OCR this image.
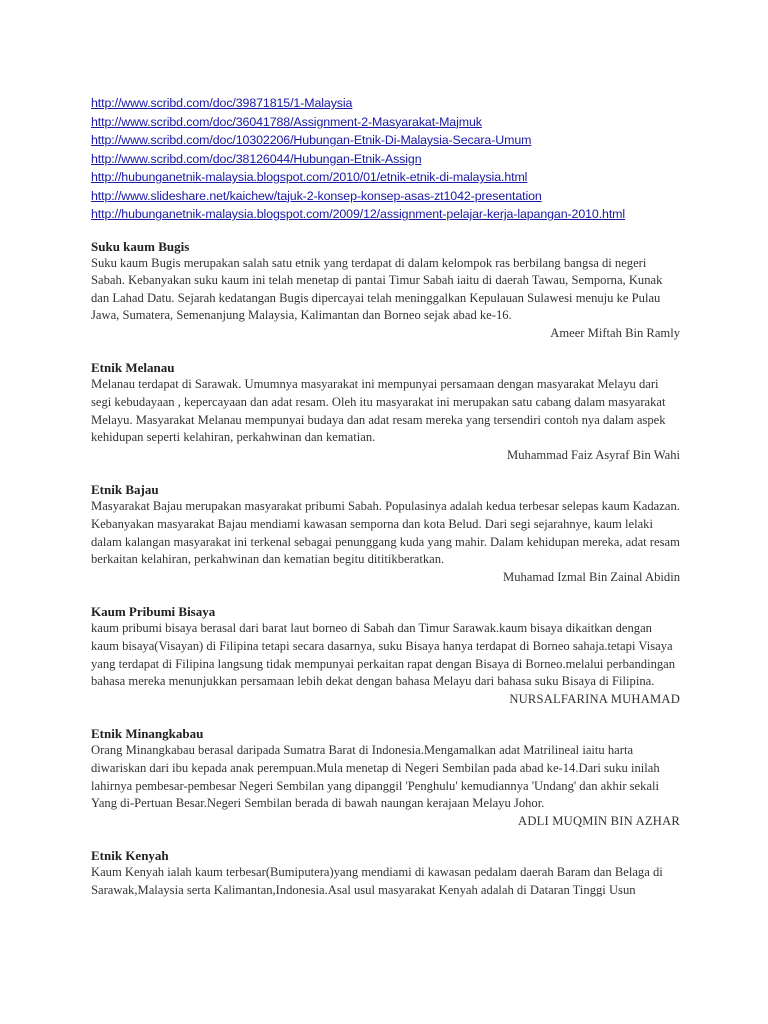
http://www.scribd.com/doc/39871815/1-Malaysia
http://www.scribd.com/doc/36041788/Assignment-2-Masyarakat-Majmuk
http://www.scribd.com/doc/10302206/Hubungan-Etnik-Di-Malaysia-Secara-Umum
http://www.scribd.com/doc/38126044/Hubungan-Etnik-Assign
http://hubunganetnik-malaysia.blogspot.com/2010/01/etnik-etnik-di-malaysia.html
http://www.slideshare.net/kaichew/tajuk-2-konsep-konsep-asas-zt1042-presentation
http://hubunganetnik-malaysia.blogspot.com/2009/12/assignment-pelajar-kerja-lapangan-2010.html
Suku kaum Bugis

Suku kaum Bugis merupakan salah satu etnik yang terdapat di dalam kelompok ras berbilang bangsa di negeri Sabah. Kebanyakan suku kaum ini telah menetap di pantai Timur Sabah iaitu di daerah Tawau, Semporna, Kunak dan Lahad Datu. Sejarah kedatangan Bugis dipercayai telah meninggalkan Kepulauan Sulawesi menuju ke Pulau Jawa, Sumatera, Semenanjung Malaysia, Kalimantan dan Borneo sejak abad ke-16.

Ameer Miftah Bin Ramly
Etnik Melanau

Melanau terdapat di Sarawak. Umumnya masyarakat ini mempunyai persamaan dengan masyarakat Melayu dari segi kebudayaan , kepercayaan dan adat resam. Oleh itu masyarakat ini merupakan satu cabang dalam masyarakat Melayu. Masyarakat Melanau mempunyai budaya dan adat resam mereka yang tersendiri contoh nya dalam aspek kehidupan seperti kelahiran, perkahwinan dan kematian.

Muhammad Faiz Asyraf Bin Wahi
Etnik Bajau

Masyarakat Bajau merupakan masyarakat pribumi Sabah. Populasinya adalah kedua terbesar selepas kaum Kadazan. Kebanyakan masyarakat Bajau mendiami kawasan semporna dan kota Belud. Dari segi sejarahnye, kaum lelaki dalam kalangan masyarakat ini terkenal sebagai penunggang kuda yang mahir. Dalam kehidupan mereka, adat resam berkaitan kelahiran, perkahwinan dan kematian begitu dititikberatkan.

Muhamad Izmal Bin Zainal Abidin
Kaum Pribumi Bisaya

kaum pribumi bisaya berasal dari barat laut borneo di Sabah dan Timur Sarawak.kaum bisaya dikaitkan dengan kaum bisaya(Visayan) di Filipina tetapi secara dasarnya, suku Bisaya hanya terdapat di Borneo sahaja.tetapi Visaya yang terdapat di Filipina langsung tidak mempunyai perkaitan rapat dengan Bisaya di Borneo.melalui perbandingan bahasa mereka menunjukkan persamaan lebih dekat dengan bahasa Melayu dari bahasa suku Bisaya di Filipina.

NURSALFARINA MUHAMAD
Etnik Minangkabau

Orang Minangkabau berasal daripada Sumatra Barat di Indonesia.Mengamalkan adat Matrilineal iaitu harta diwariskan dari ibu kepada anak perempuan.Mula menetap di Negeri Sembilan pada abad ke-14.Dari suku inilah lahirnya pembesar-pembesar Negeri Sembilan yang dipanggil 'Penghulu' kemudiannya 'Undang' dan akhir sekali Yang di-Pertuan Besar.Negeri Sembilan berada di bawah naungan kerajaan Melayu Johor.

ADLI MUQMIN BIN AZHAR
Etnik Kenyah

Kaum Kenyah ialah kaum terbesar(Bumiputera)yang mendiami di kawasan pedalam daerah Baram dan Belaga di Sarawak,Malaysia serta Kalimantan,Indonesia.Asal usul masyarakat Kenyah adalah di Dataran Tinggi Usun
